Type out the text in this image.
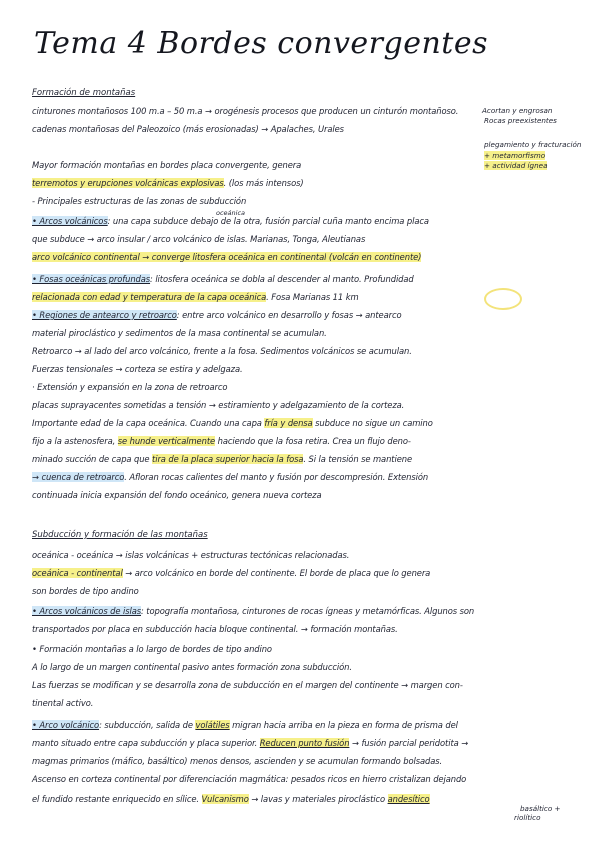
Tema 4 Bordes convergentes
Formación de montañas
cinturones montañosos 100 m.a – 50 m.a → orogénesis procesos que producen un cinturón montañoso.
cadenas montañosas del Paleozoico (más erosionadas) → Apalaches, Urales
Acortan y engrosan
Rocas preexistentes
plegamiento y fracturación
+ metamorfismo
+ actividad ígnea
Mayor formación montañas en bordes placa convergente, genera
terremotos y erupciones volcánicas explosivas. (los más intensos)
- Principales estructuras de las zonas de subducción
oceánica
• Arcos volcánicos: una capa subduce debajo de la otra, fusión parcial cuña manto encima placa
que subduce → arco insular / arco volcánico de islas. Marianas, Tonga, Aleutianas
arco volcánico continental → converge litosfera oceánica en continental (volcán en continente)
• Fosas oceánicas profundas: litosfera oceánica se dobla al descender al manto. Profundidad
relacionada con edad y temperatura de la capa oceánica. Fosa Marianas 11 km
• Regiones de antearco y retroarco: entre arco volcánico en desarrollo y fosas → antearco
material piroclástico y sedimentos de la masa continental se acumulan.
Retroarco → al lado del arco volcánico, frente a la fosa. Sedimentos volcánicos se acumulan.
Fuerzas tensionales → corteza se estira y adelgaza.
· Extensión y expansión en la zona de retroarco
placas suprayacentes sometidas a tensión → estiramiento y adelgazamiento de la corteza.
Importante edad de la capa oceánica. Cuando una capa fría y densa subduce no sigue un camino
fijo a la astenosfera, se hunde verticalmente haciendo que la fosa retira. Crea un flujo deno-
minado succión de capa que tira de la placa superior hacia la fosa. Si la tensión se mantiene
→ cuenca de retroarco. Afloran rocas calientes del manto y fusión por descompresión. Extensión
continuada inicia expansión del fondo oceánico, genera nueva corteza
Subducción y formación de las montañas
oceánica - oceánica → islas volcánicas + estructuras tectónicas relacionadas.
oceánica - continental → arco volcánico en borde del continente. El borde de placa que lo genera
son bordes de tipo andino
• Arcos volcánicos de islas: topografía montañosa, cinturones de rocas ígneas y metamórficas. Algunos son
transportados por placa en subducción hacia bloque continental. → formación montañas.
• Formación montañas a lo largo de bordes de tipo andino
A lo largo de un margen continental pasivo antes formación zona subducción.
Las fuerzas se modifican y se desarrolla zona de subducción en el margen del continente → margen con-
tinental activo.
• Arco volcánico: subducción, salida de volátiles migran hacia arriba en la pieza en forma de prisma del
manto situado entre capa subducción y placa superior. Reducen punto fusión → fusión parcial peridotita →
magmas primarios (máfico, basáltico) menos densos, ascienden y se acumulan formando bolsadas.
Ascenso en corteza continental por diferenciación magmática: pesados ricos en hierro cristalizan dejando
el fundido restante enriquecido en sílice. Vulcanismo → lavas y materiales piroclástico andesítico
basáltico +
riolítico
